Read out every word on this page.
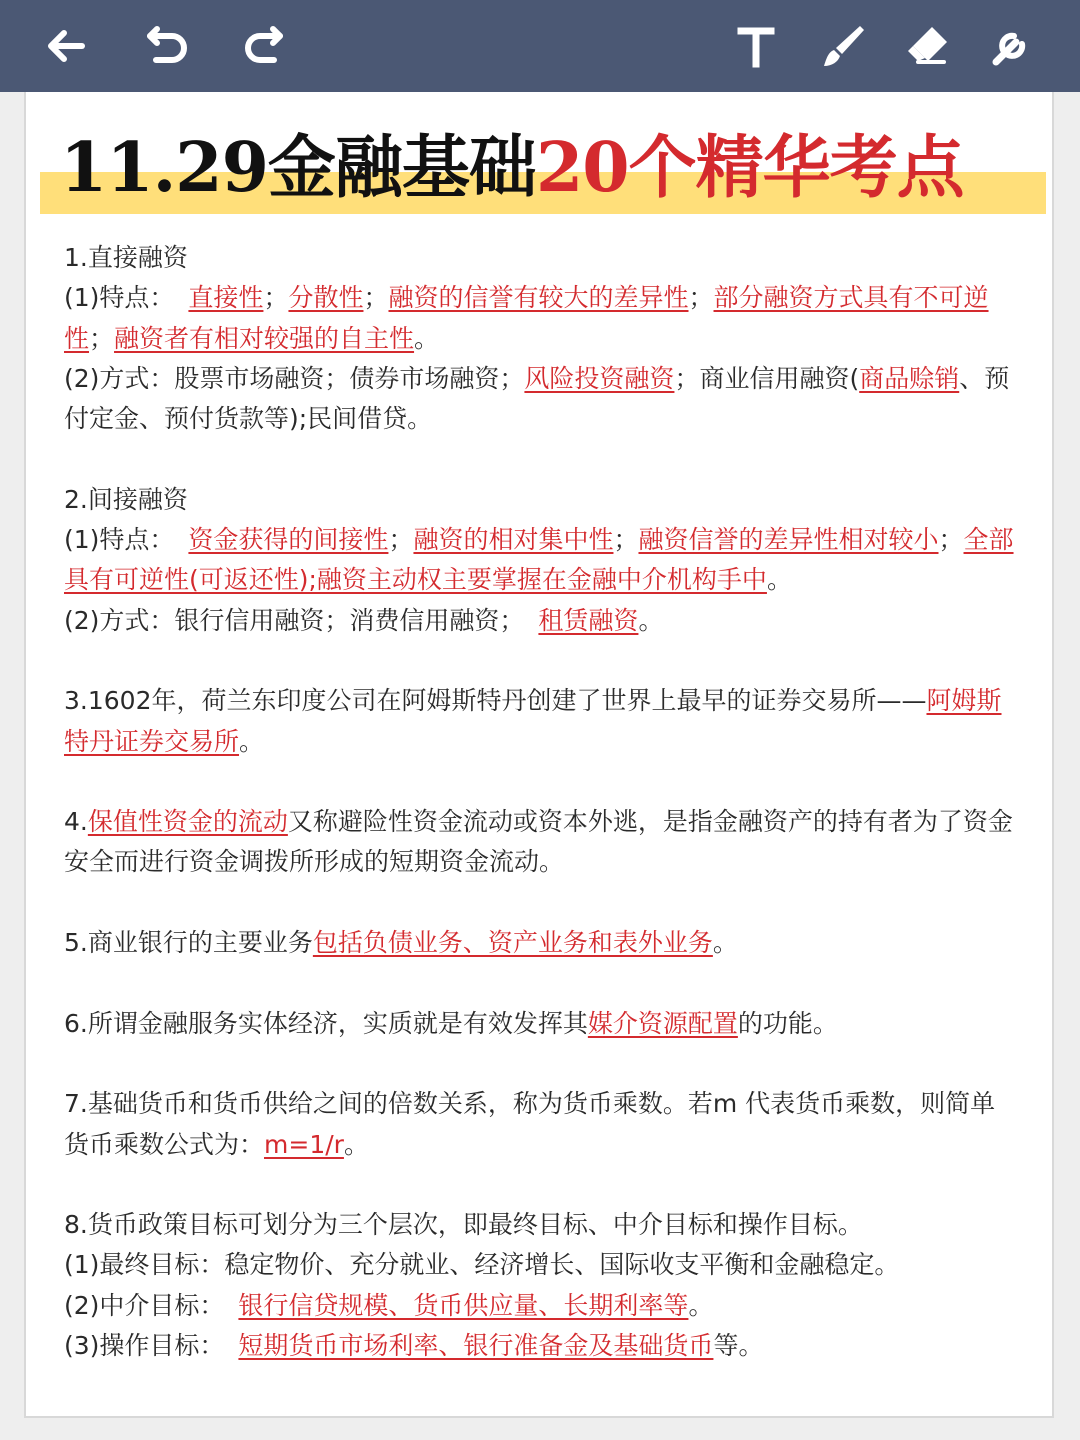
11.29金融基础20个精华考点

1.直接融资

(1)特点： 直接性；分散性；融资的信誉有较大的差异性；部分融资方式具有不可逆性；融资者有相对较强的自主性。

(2)方式：股票市场融资；债券市场融资；风险投资融资；商业信用融资(商品赊销、预付定金、预付货款等);民间借贷。

2.间接融资

(1)特点： 资金获得的间接性；融资的相对集中性；融资信誉的差异性相对较小；全部具有可逆性(可返还性);融资主动权主要掌握在金融中介机构手中。

(2)方式：银行信用融资；消费信用融资； 租赁融资。

3.1602年，荷兰东印度公司在阿姆斯特丹创建了世界上最早的证券交易所——阿姆斯特丹证券交易所。

4.保值性资金的流动又称避险性资金流动或资本外逃，是指金融资产的持有者为了资金安全而进行资金调拨所形成的短期资金流动。

5.商业银行的主要业务包括负债业务、资产业务和表外业务。

6.所谓金融服务实体经济，实质就是有效发挥其媒介资源配置的功能。

7.基础货币和货币供给之间的倍数关系，称为货币乘数。若m 代表货币乘数，则简单货币乘数公式为：m=1/r。

8.货币政策目标可划分为三个层次，即最终目标、中介目标和操作目标。

(1)最终目标：稳定物价、充分就业、经济增长、国际收支平衡和金融稳定。

(2)中介目标： 银行信贷规模、货币供应量、长期利率等。

(3)操作目标： 短期货币市场利率、银行准备金及基础货币等。
